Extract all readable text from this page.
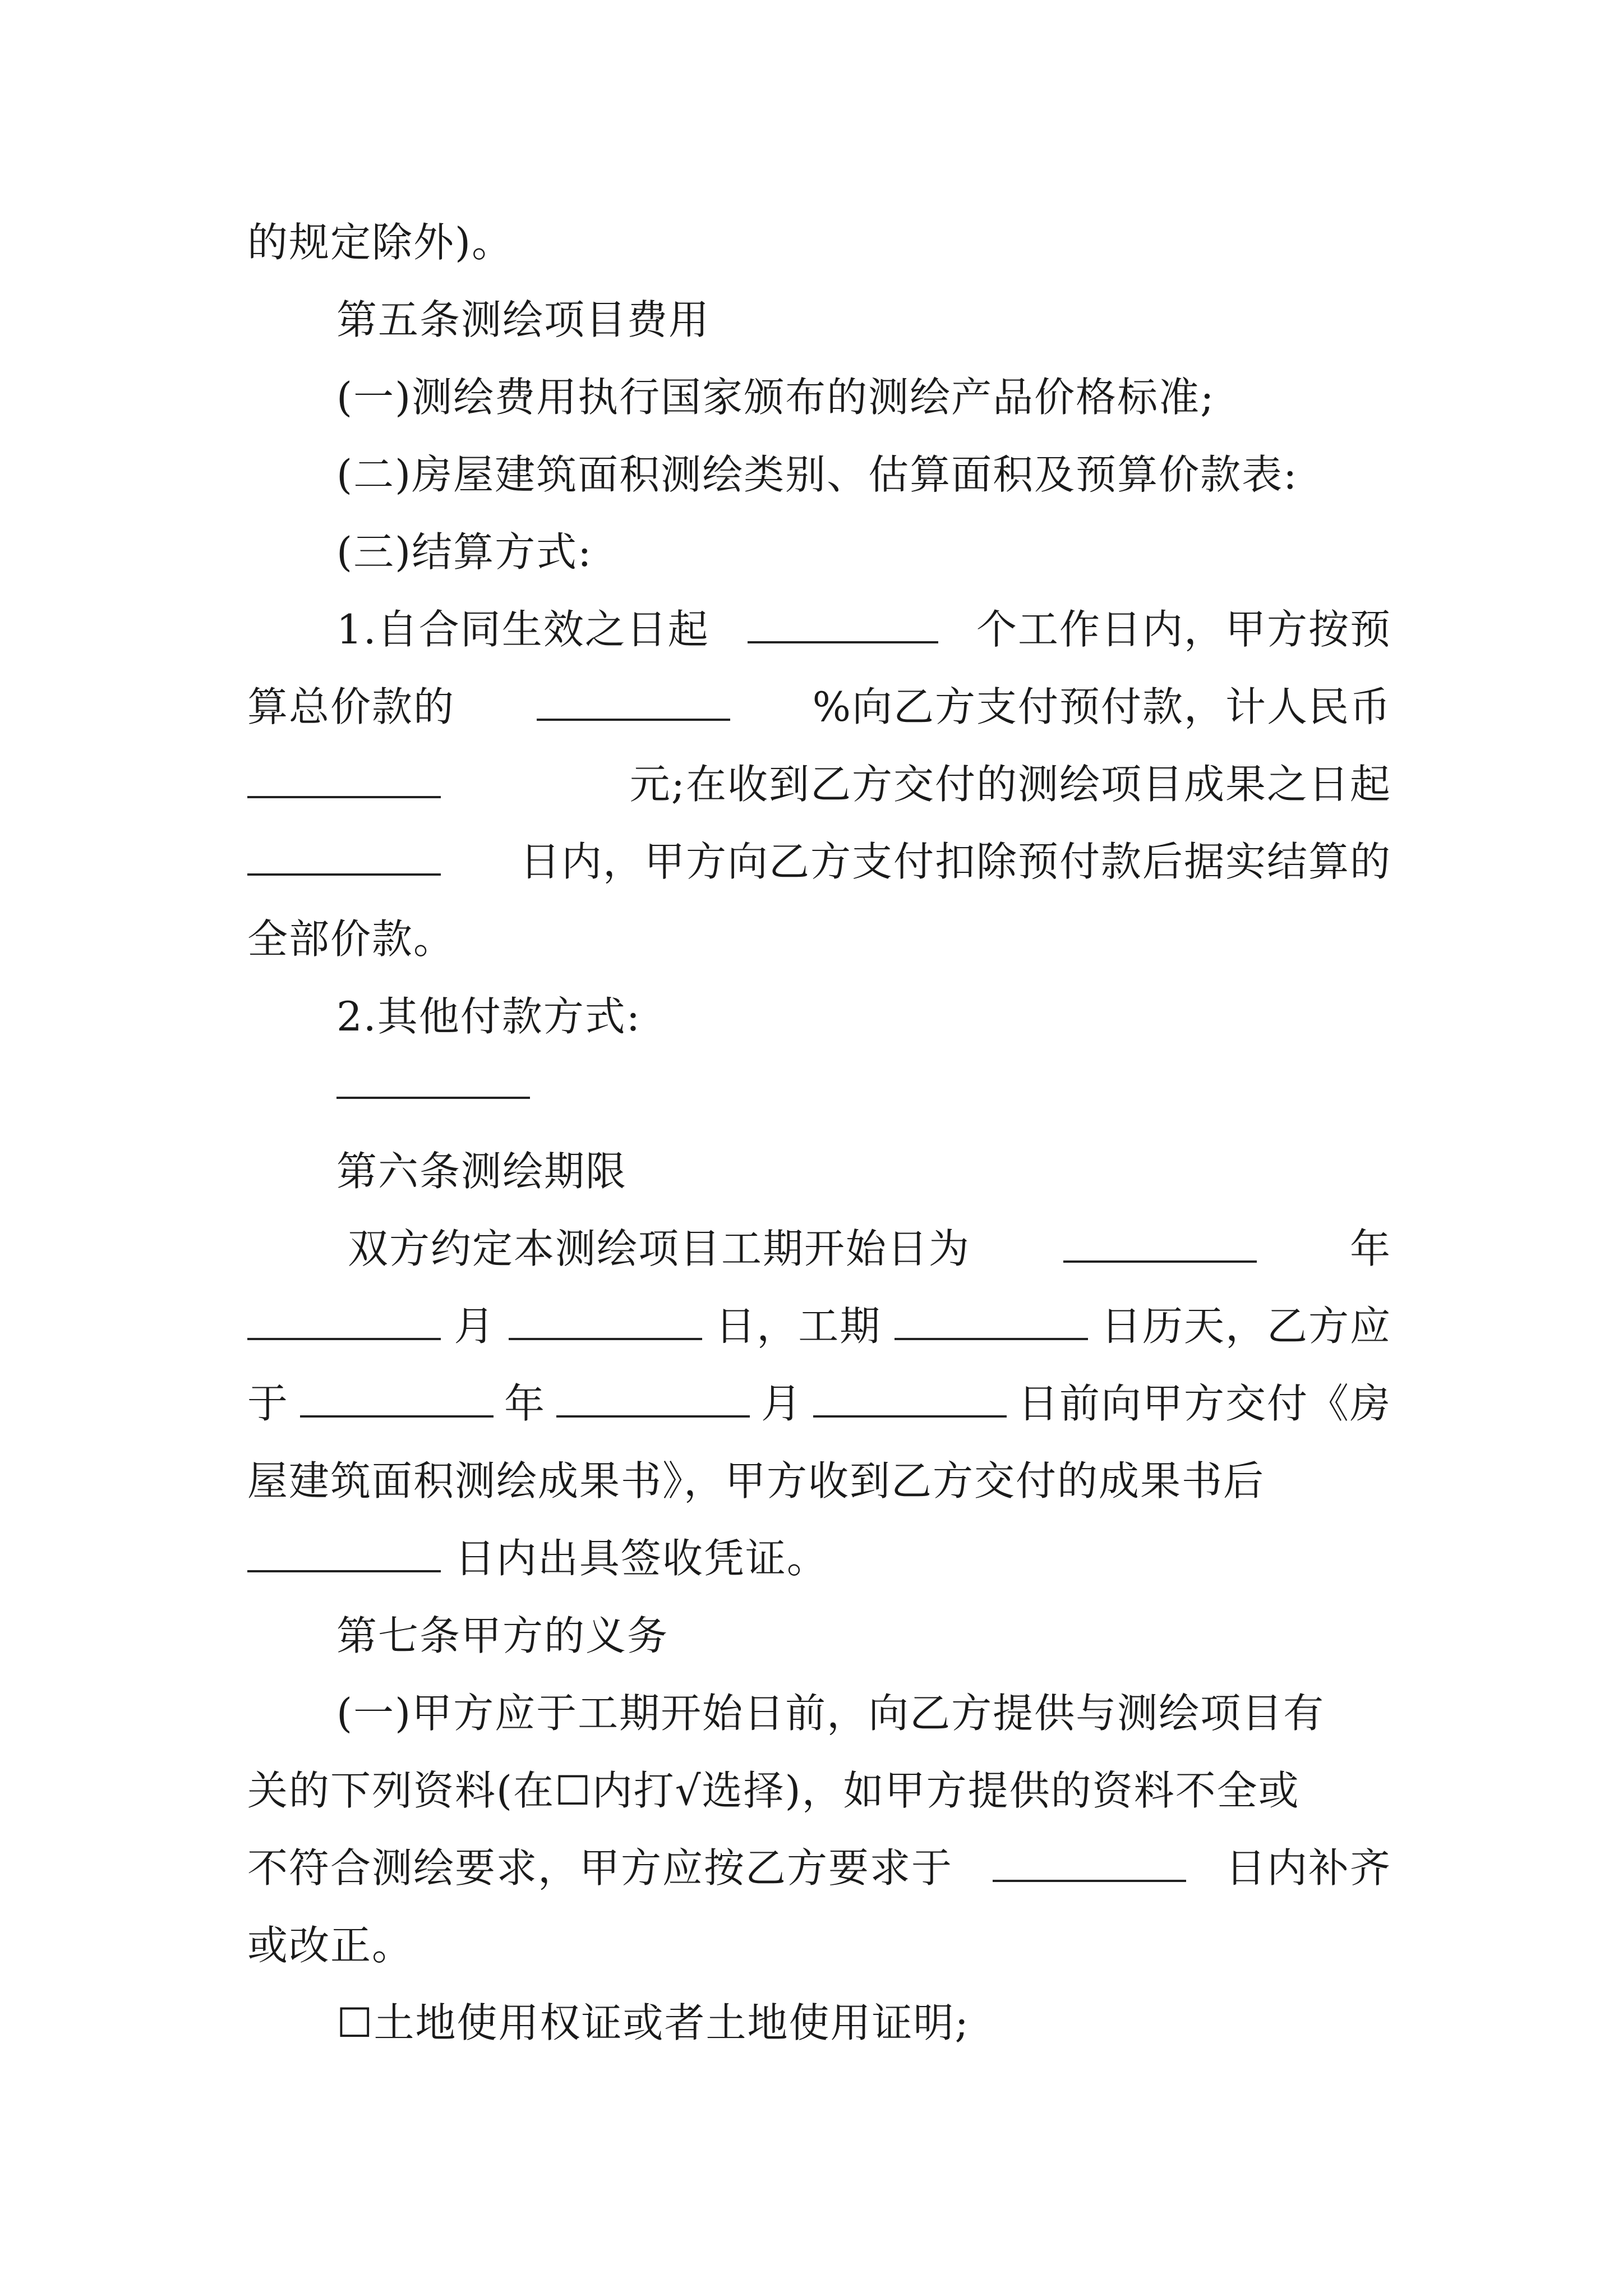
的规定除外)。
第五条测绘项目费用
(一)测绘费用执行国家颁布的测绘产品价格标准;
(二)房屋建筑面积测绘类别、估算面积及预算价款表:
(三)结算方式:
1.自合同生效之日起	个工作日内，甲方按预
算总价款的	%向乙方支付预付款，计人民币
元;在收到乙方交付的测绘项目成果之日起
日内，甲方向乙方支付扣除预付款后据实结算的
全部价款。
2.其他付款方式:
第六条测绘期限
双方约定本测绘项目工期开始日为	年
月	日，工期	日历天，乙方应
于	年	月	日前向甲方交付《房
屋建筑面积测绘成果书》，甲方收到乙方交付的成果书后
日内出具签收凭证。
第七条甲方的义务
(一)甲方应于工期开始日前，向乙方提供与测绘项目有
关的下列资料(在☐内打√选择)，如甲方提供的资料不全或
不符合测绘要求，甲方应按乙方要求于	日内补齐
或改正。
☐土地使用权证或者土地使用证明;
